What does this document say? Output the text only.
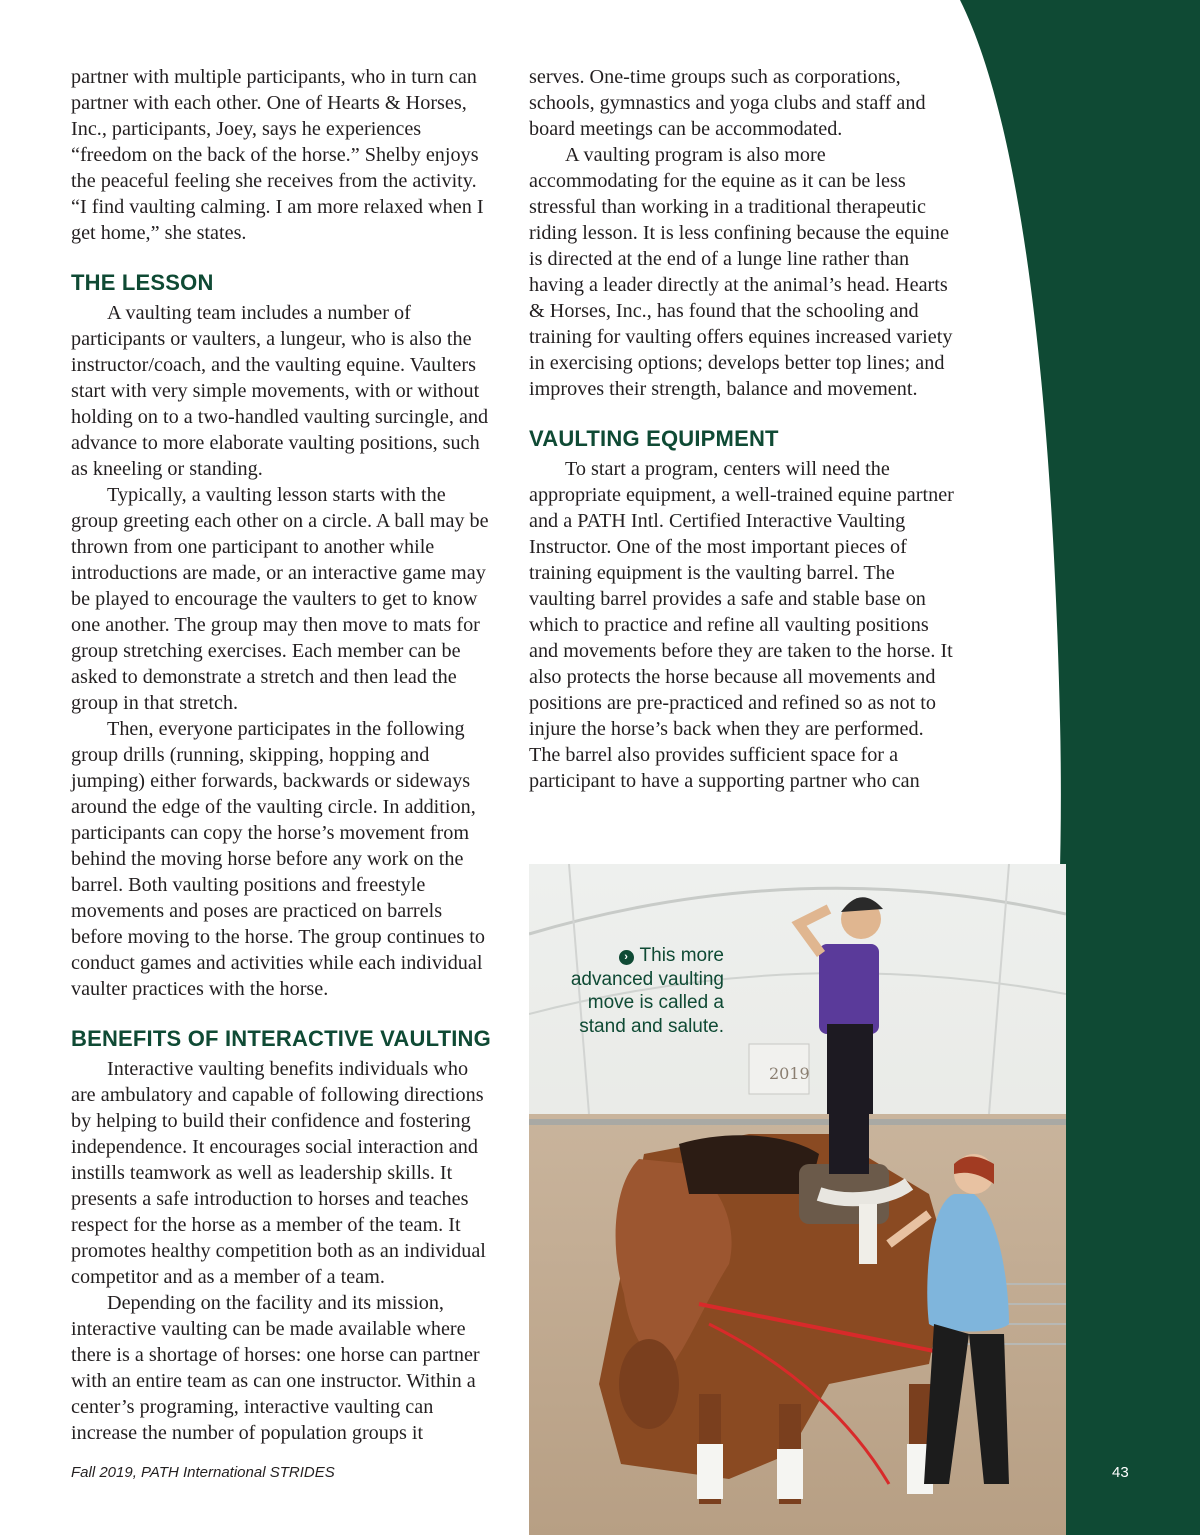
partner with multiple participants, who in turn can partner with each other. One of Hearts & Horses, Inc., participants, Joey, says he experiences “freedom on the back of the horse.” Shelby enjoys the peaceful feeling she receives from the activity. “I find vaulting calming. I am more relaxed when I get home,” she states.

THE LESSON

A vaulting team includes a number of participants or vaulters, a lungeur, who is also the instructor/coach, and the vaulting equine. Vaulters start with very simple movements, with or without holding on to a two-handled vaulting surcingle, and advance to more elaborate vaulting positions, such as kneeling or standing.

Typically, a vaulting lesson starts with the group greeting each other on a circle. A ball may be thrown from one participant to another while introductions are made, or an interactive game may be played to encourage the vaulters to get to know one another. The group may then move to mats for group stretching exercises. Each member can be asked to demonstrate a stretch and then lead the group in that stretch.

Then, everyone participates in the following group drills (running, skipping, hopping and jumping) either forwards, backwards or sideways around the edge of the vaulting circle. In addition, participants can copy the horse’s movement from behind the moving horse before any work on the barrel. Both vaulting positions and freestyle movements and poses are practiced on barrels before moving to the horse. The group continues to conduct games and activities while each individual vaulter practices with the horse.

BENEFITS OF INTERACTIVE VAULTING

Interactive vaulting benefits individuals who are ambulatory and capable of following directions by helping to build their confidence and fostering independence. It encourages social interaction and instills teamwork as well as leadership skills. It presents a safe introduction to horses and teaches respect for the horse as a member of the team. It promotes healthy competition both as an individual competitor and as a member of a team.

Depending on the facility and its mission, interactive vaulting can be made available where there is a shortage of horses: one horse can partner with an entire team as can one instructor. Within a center’s programing, interactive vaulting can increase the number of population groups it

serves. One-time groups such as corporations, schools, gymnastics and yoga clubs and staff and board meetings can be accommodated.

A vaulting program is also more accommodating for the equine as it can be less stressful than working in a traditional therapeutic riding lesson. It is less confining because the equine is directed at the end of a lunge line rather than having a leader directly at the animal’s head. Hearts & Horses, Inc., has found that the schooling and training for vaulting offers equines increased variety in exercising options; develops better top lines; and improves their strength, balance and movement.

VAULTING EQUIPMENT

To start a program, centers will need the appropriate equipment, a well-trained equine partner and a PATH Intl. Certified Interactive Vaulting Instructor. One of the most important pieces of training equipment is the vaulting barrel. The vaulting barrel provides a safe and stable base on which to practice and refine all vaulting positions and movements before they are taken to the horse. It also protects the horse because all movements and positions are pre-practiced and refined so as not to injure the horse’s back when they are performed. The barrel also provides sufficient space for a participant to have a supporting partner who can

2019
› This more advanced vaulting move is called a stand and salute.
Fall 2019, PATH International STRIDES	43
